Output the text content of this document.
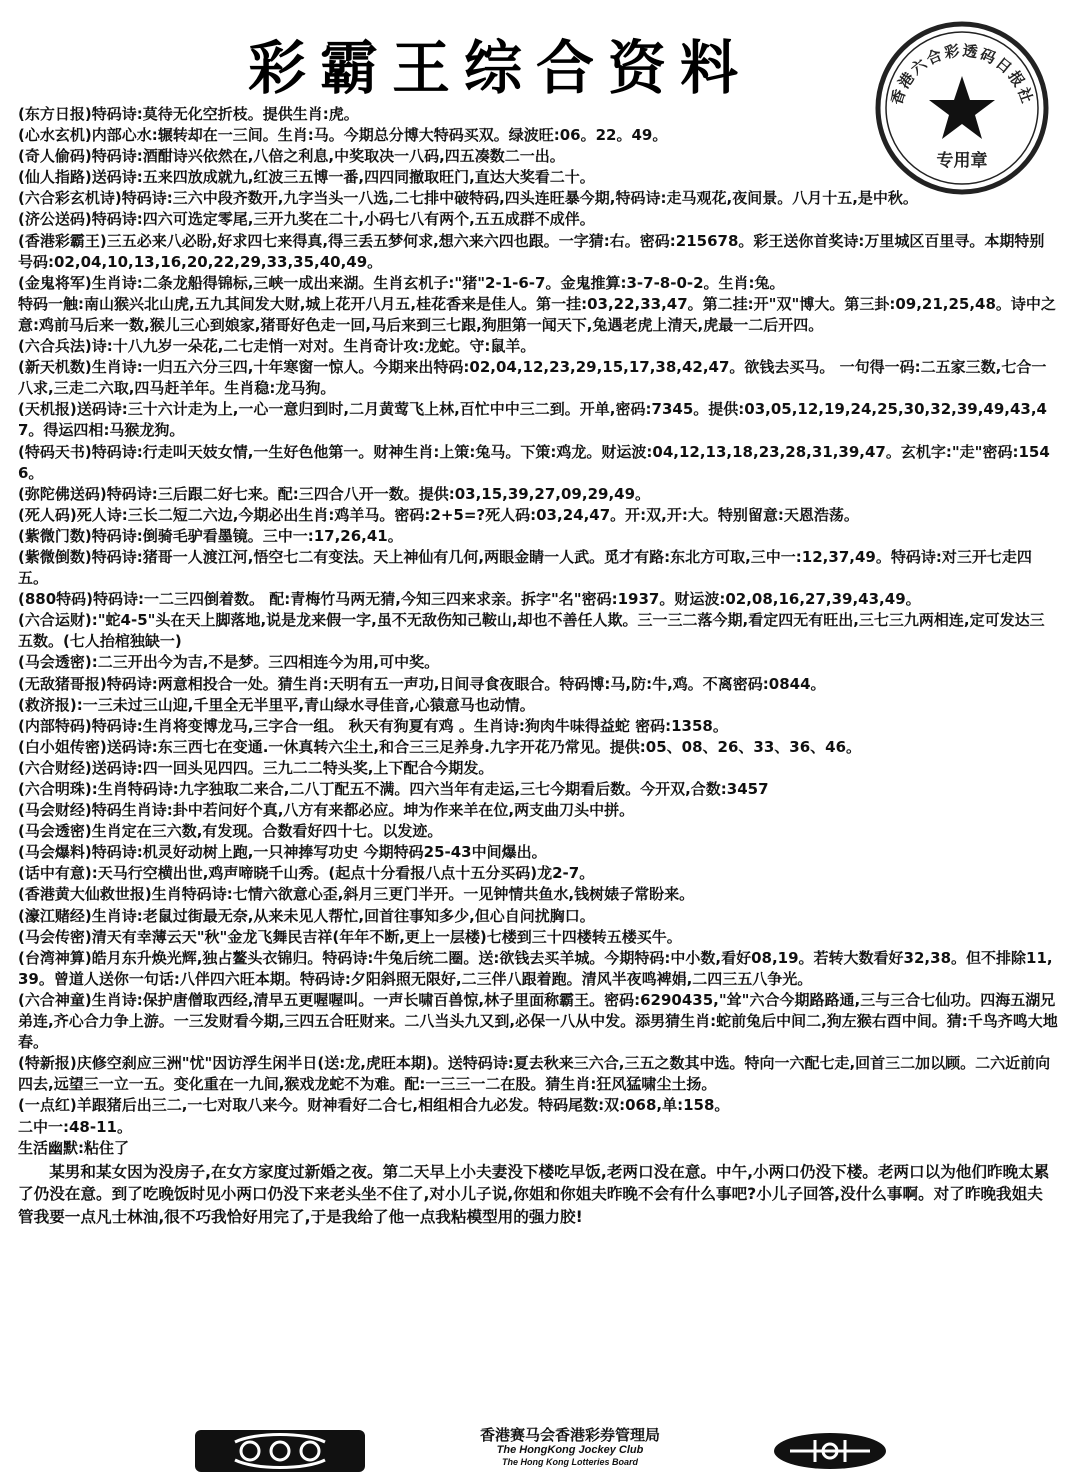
彩霸王综合资料	香港六合彩透码日报社
专用章
(东方日报)特码诗:莫待无化空折枝。提供生肖:虎。
(心水玄机)内部心水:辗转却在一三间。生肖:马。今期总分博大特码买双。绿波旺:06。22。49。
(奇人偷码)特码诗:酒酣诗兴依然在,八倍之利息,中奖取决一八码,四五凑数二一出。
(仙人指路)送码诗:五来四放成就九,红波三五博一番,四四同撤取旺门,直达大奖看二十。
(六合彩玄机诗)特码诗:三六中段齐数开,九字当头一八选,二七排中破特码,四头连旺暴今期,特码诗:走马观花,夜间景。八月十五,是中秋。
(济公送码)特码诗:四六可选定零尾,三开九奖在二十,小码七八有两个,五五成群不成伴。
(香港彩霸王)三五必来八必盼,好求四七来得真,得三丢五梦何求,想六来六四也跟。一字猜:右。密码:215678。彩王送你首奖诗:万里城区百里寻。本期特别号码:02,04,10,13,16,20,22,29,33,35,40,49。
(金鬼将军)生肖诗:二条龙船得锦标,三峡一成出来湖。生肖玄机子:"猪"2-1-6-7。金鬼推算:3-7-8-0-2。生肖:兔。
特码一触:南山猴兴北山虎,五九其间发大财,城上花开八月五,桂花香来是佳人。第一挂:03,22,33,47。第二挂:开"双"博大。第三卦:09,21,25,48。诗中之意:鸡前马后来一数,猴儿三心到娘家,猪哥好色走一回,马后来到三七跟,狗胆第一闻天下,兔遇老虎上清天,虎最一二后开四。
(六合兵法)诗:十八九岁一朵花,二七走悄一对对。生肖奇计攻:龙蛇。守:鼠羊。
(新天机数)生肖诗:一归五六分三四,十年寒窗一惊人。今期来出特码:02,04,12,23,29,15,17,38,42,47。欲钱去买马。 一句得一码:二五家三数,七合一八求,三走二六取,四马赶羊年。生肖稳:龙马狗。
(天机报)送码诗:三十六计走为上,一心一意归到时,二月黄莺飞上林,百忙中中三二到。开单,密码:7345。提供:03,05,12,19,24,25,30,32,39,49,43,47。得运四相:马猴龙狗。
(特码天书)特码诗:行走叫天妓女情,一生好色他第一。财神生肖:上策:兔马。下策:鸡龙。财运波:04,12,13,18,23,28,31,39,47。玄机字:"走"密码:1546。
(弥陀佛送码)特码诗:三后跟二好七来。配:三四合八开一数。提供:03,15,39,27,09,29,49。
(死人码)死人诗:三长二短二六边,今期必出生肖:鸡羊马。密码:2+5=?死人码:03,24,47。开:双,开:大。特别留意:天恩浩荡。
(紫微门数)特码诗:倒骑毛驴看墨镜。三中一:17,26,41。
(紫微倒数)特码诗:猪哥一人渡江河,悟空七二有变法。天上神仙有几何,两眼金睛一人武。觅才有路:东北方可取,三中一:12,37,49。特码诗:对三开七走四五。
(880特码)特码诗:一二三四倒着数。 配:青梅竹马两无猜,今知三四来求亲。拆字"名"密码:1937。财运波:02,08,16,27,39,43,49。
(六合运财):"蛇4-5"头在天上脚落地,说是龙来假一字,虽不无敌伤知己鞍山,却也不善任人欺。三一三二落今期,看定四无有旺出,三七三九两相连,定可发达三五数。(七人抬棺独缺一)
(马会透密):二三开出今为吉,不是梦。三四相连今为用,可中奖。
(无敌猪哥报)特码诗:两意相投合一处。猜生肖:天明有五一声功,日间寻食夜眼合。特码博:马,防:牛,鸡。不离密码:0844。
(救济报):一三未过三山迎,千里全无半里平,青山绿水寻佳音,心猿意马也动情。
(内部特码)特码诗:生肖将变博龙马,三字合一组。 秋天有狗夏有鸡 。生肖诗:狗肉牛味得益蛇 密码:1358。
(白小姐传密)送码诗:东三西七在变通.一休真转六尘土,和合三三足养身.九字开花乃常见。提供:05、08、26、33、36、46。
(六合财经)送码诗:四一回头见四四。三九二二特头奖,上下配合今期发。
(六合明珠):生肖特码诗:九字独取二来合,二八丁配五不满。四六当年有走运,三七今期看后数。今开双,合数:3457
(马会财经)特码生肖诗:卦中若问好个真,八方有来都必应。坤为作来羊在位,两支曲刀头中拼。
(马会透密)生肖定在三六数,有发现。合数看好四十七。以发迹。
(马会爆料)特码诗:机灵好动树上跑,一只神捧写功史 今期特码25-43中间爆出。
(话中有意):天马行空横出世,鸡声啼晓千山秀。(起点十分看报八点十五分买码)龙2-7。
(香港黄大仙救世报)生肖特码诗:七情六欲意心歪,斜月三更门半开。一见钟情共鱼水,钱树婊子常盼来。
(濠江赌经)生肖诗:老鼠过街最无奈,从来未见人帮忙,回首往事知多少,但心自问扰胸口。
(马会传密)清天有幸薄云天"秋"金龙飞舞民吉祥(年年不断,更上一层楼)七楼到三十四楼转五楼买牛。
(台湾神算)皓月东升焕光辉,独占鳌头衣锦归。特码诗:牛兔后统二圈。送:欲钱去买羊城。今期特码:中小数,看好08,19。若转大数看好32,38。但不排除11,39。曾道人送你一句话:八伴四六旺本期。特码诗:夕阳斜照无限好,二三伴八跟着跑。清风半夜鸣裨娟,二四三五八争光。
(六合神童)生肖诗:保护唐僧取西经,清早五更喔喔叫。一声长啸百兽惊,林子里面称霸王。密码:6290435,"耸"六合今期路路通,三与三合七仙功。四海五湖兄弟连,齐心合力争上游。一三发财看今期,三四五合旺财来。二八当头九又到,必保一八从中发。添男猜生肖:蛇前兔后中间二,狗左猴右酉中间。猜:千鸟齐鸣大地春。
(特新报)庆修空刹应三洲"忧"因访浮生闲半日(送:龙,虎旺本期)。送特码诗:夏去秋来三六合,三五之数其中选。特向一六配七走,回首三二加以顾。二六近前向四去,远望三一立一五。变化重在一九间,猴戏龙蛇不为难。配:一三三一二在股。猜生肖:狂风猛啸尘土扬。
(一点红)羊跟猪后出三二,一七对取八来今。财神看好二合七,相组相合九必发。特码尾数:双:068,单:158。
二中一:48-11。
生活幽默:粘住了
某男和某女因为没房子,在女方家度过新婚之夜。第二天早上小夫妻没下楼吃早饭,老两口没在意。中午,小两口仍没下楼。老两口以为他们昨晚太累了仍没在意。到了吃晚饭时见小两口仍没下来老头坐不住了,对小儿子说,你姐和你姐夫昨晚不会有什么事吧?小儿子回答,没什么事啊。对了昨晚我姐夫管我要一点凡士林油,很不巧我恰好用完了,于是我给了他一点我粘模型用的强力胶!
香港赛马会香港彩券管理局
The HongKong Jockey Club
The Hong Kong Lotteries Board
